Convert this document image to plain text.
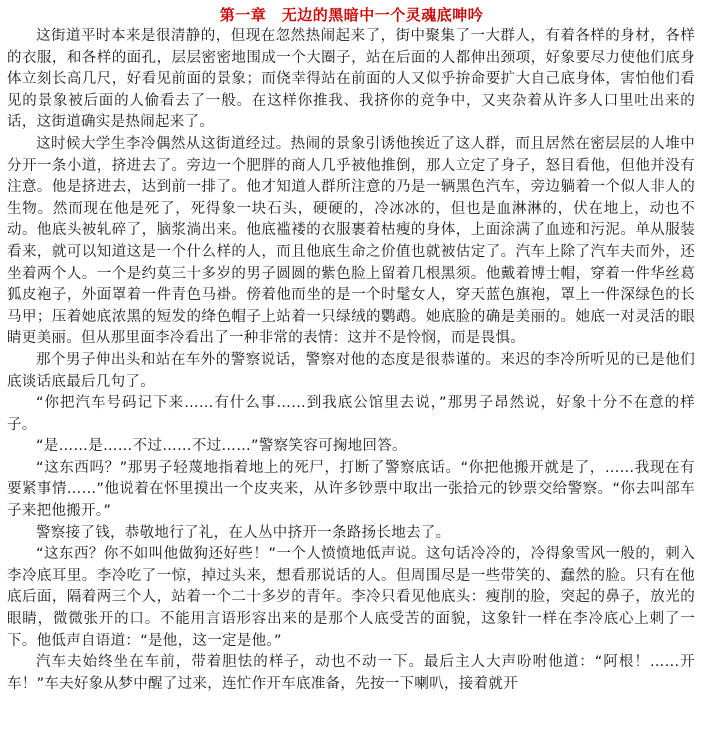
第一章　无边的黑暗中一个灵魂底呻吟

这街道平时本来是很清静的，但现在忽然热闹起来了，街中聚集了一大群人，有着各样的身材，各样的衣服，和各样的面孔，层层密密地围成一个大圈子，站在后面的人都伸出颈项，好象要尽力使他们底身体立刻长高几尺，好看见前面的景象；而侥幸得站在前面的人又似乎拚命要扩大自己底身体，害怕他们看见的景象被后面的人偷看去了一般。在这样你推我、我挤你的竞争中，又夹杂着从许多人口里吐出来的话，这街道确实是热闹起来了。

这时候大学生李冷偶然从这街道经过。热闹的景象引诱他挨近了这人群，而且居然在密层层的人堆中分开一条小道，挤进去了。旁边一个肥胖的商人几乎被他推倒，那人立定了身子，怒目看他，但他并没有注意。他是挤进去，达到前一排了。他才知道人群所注意的乃是一辆黑色汽车，旁边躺着一个似人非人的生物。然而现在他是死了，死得象一块石头，硬硬的，冷冰冰的，但也是血淋淋的，伏在地上，动也不动。他底头被轧碎了，脑浆淌出来。他底褴褛的衣服裹着枯瘦的身体，上面涂满了血迹和污泥。单从服装看来，就可以知道这是一个什么样的人，而且他底生命之价值也就被估定了。汽车上除了汽车夫而外，还坐着两个人。一个是约莫三十多岁的男子圆圆的紫色脸上留着几根黑须。他戴着博士帽，穿着一件华丝葛狐皮袍子，外面罩着一件青色马褂。傍着他而坐的是一个时髦女人，穿天蓝色旗袍，罩上一件深绿色的长马甲；压着她底浓黑的短发的绛色帽子上站着一只绿绒的鹦鹉。她底脸的确是美丽的。她底一对灵活的眼睛更美丽。但从那里面李冷看出了一种非常的表情：这并不是怜悯，而是畏惧。

那个男子伸出头和站在车外的警察说话，警察对他的态度是很恭谨的。来迟的李冷所听见的已是他们底谈话底最后几句了。

“你把汽车号码记下来……有什么事……到我底公馆里去说，”那男子昂然说，好象十分不在意的样子。

“是……是……不过……不过……”警察笑容可掬地回答。

“这东西吗？”那男子轻蔑地指着地上的死尸，打断了警察底话。“你把他搬开就是了，……我现在有要紧事情……”他说着在怀里摸出一个皮夹来，从许多钞票中取出一张拾元的钞票交给警察。“你去叫部车子来把他搬开。”

警察接了钱，恭敬地行了礼，在人丛中挤开一条路扬长地去了。

“这东西？你不如叫他做狗还好些！”一个人愤愤地低声说。这句话冷冷的，冷得象雪风一般的，刺入李冷底耳里。李冷吃了一惊，掉过头来，想看那说话的人。但周围尽是一些带笑的、蠢然的脸。只有在他底后面，隔着两三个人，站着一个二十多岁的青年。李冷只看见他底头：瘦削的脸，突起的鼻子，放光的眼睛，微微张开的口。不能用言语形容出来的是那个人底受苦的面貌，这象针一样在李冷底心上刺了一下。他低声自语道：“是他，这一定是他。”

汽车夫始终坐在车前，带着胆怯的样子，动也不动一下。最后主人大声吩咐他道：“阿根！……开车！”车夫好象从梦中醒了过来，连忙作开车底准备，先按一下喇叭，接着就开
